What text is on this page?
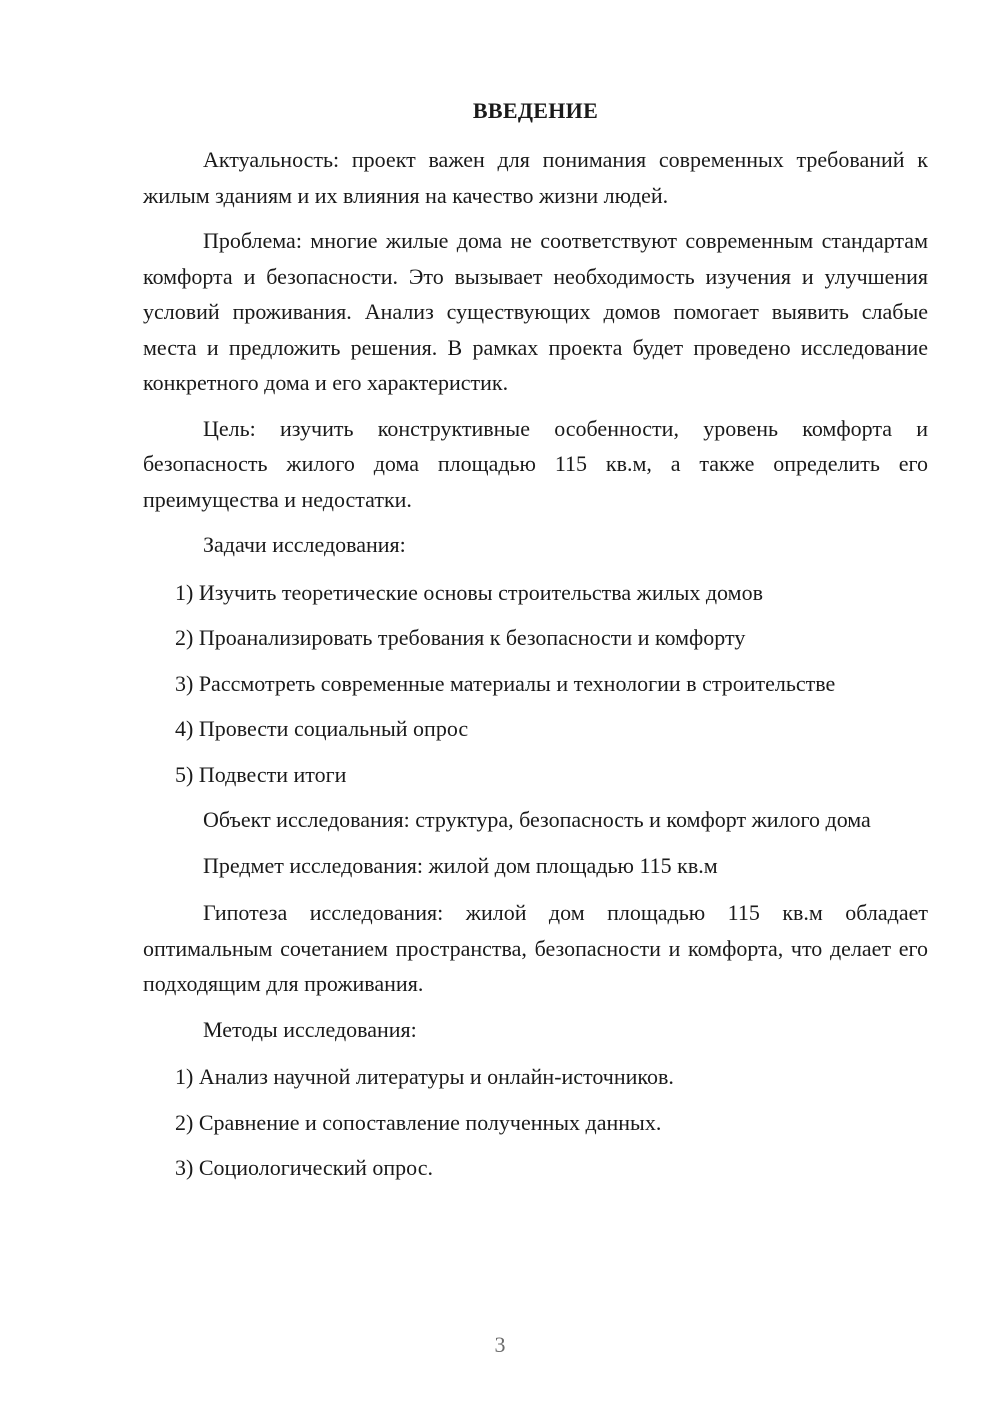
ВВЕДЕНИЕ

Актуальность: проект важен для понимания современных требований к жилым зданиям и их влияния на качество жизни людей.

Проблема: многие жилые дома не соответствуют современным стандартам комфорта и безопасности. Это вызывает необходимость изучения и улучшения условий проживания. Анализ существующих домов помогает выявить слабые места и предложить решения. В рамках проекта будет проведено исследование конкретного дома и его характеристик.

Цель: изучить конструктивные особенности, уровень комфорта и безопасность жилого дома площадью 115 кв.м, а также определить его преимущества и недостатки.

Задачи исследования:

1) Изучить теоретические основы строительства жилых домов
2) Проанализировать требования к безопасности и комфорту
3) Рассмотреть современные материалы и технологии в строительстве
4) Провести социальный опрос
5) Подвести итоги

Объект исследования: структура, безопасность и комфорт жилого дома

Предмет исследования: жилой дом площадью 115 кв.м

Гипотеза исследования: жилой дом площадью 115 кв.м обладает оптимальным сочетанием пространства, безопасности и комфорта, что делает его подходящим для проживания.

Методы исследования:

1) Анализ научной литературы и онлайн-источников.
2) Сравнение и сопоставление полученных данных.
3) Социологический опрос.
3
